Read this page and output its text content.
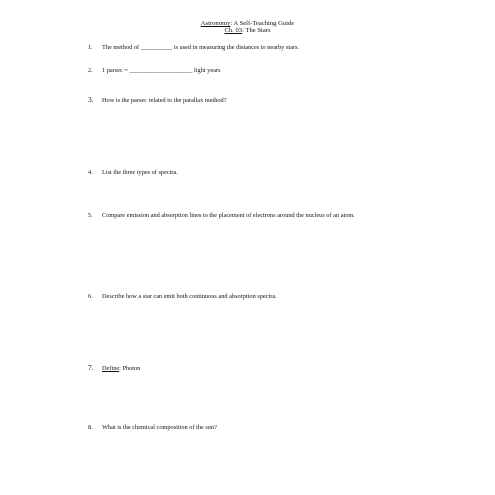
Astronomy: A Self-Teaching Guide
Ch. 03: The Stars
1. The method of __________ is used in measuring the distances to nearby stars.
2. 1 parsec = ____________________ light years
3. How is the parsec related to the parallax method?
4. List the three types of spectra.
5. Compare emission and absorption lines to the placement of electrons around the nucleus of an atom.
6. Describe how a star can emit both continuous and absorption spectra.
7. Define: Photon
8. What is the chemical composition of the sun?
